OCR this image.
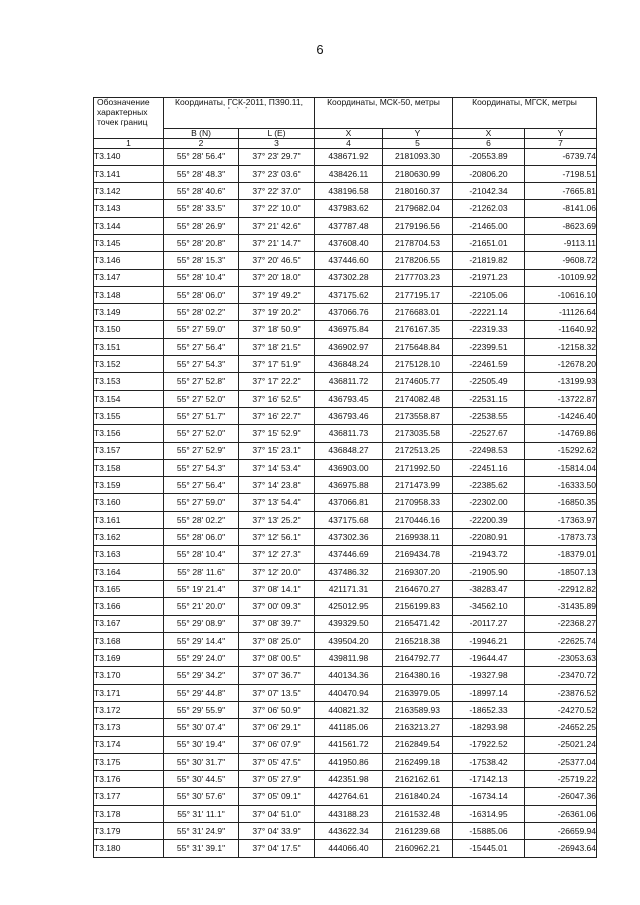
6
Обозначение характерных точек границ	Координаты, ГСК-2011, ПЗ90.11,
° ' "		Координаты, МСК-50, метры		Координаты, МГСК, метры	
	B (N)	L (E)	X	Y	X	Y
1	2	3	4	5	6	7
Т3.140	55° 28' 56.4"	37° 23' 29.7"	438671.92	2181093.30	-20553.89	-6739.74
Т3.141	55° 28' 48.3"	37° 23' 03.6"	438426.11	2180630.99	-20806.20	-7198.51
Т3.142	55° 28' 40.6"	37° 22' 37.0"	438196.58	2180160.37	-21042.34	-7665.81
Т3.143	55° 28' 33.5"	37° 22' 10.0"	437983.62	2179682.04	-21262.03	-8141.06
Т3.144	55° 28' 26.9"	37° 21' 42.6"	437787.48	2179196.56	-21465.00	-8623.69
Т3.145	55° 28' 20.8"	37° 21' 14.7"	437608.40	2178704.53	-21651.01	-9113.11
Т3.146	55° 28' 15.3"	37° 20' 46.5"	437446.60	2178206.55	-21819.82	-9608.72
Т3.147	55° 28' 10.4"	37° 20' 18.0"	437302.28	2177703.23	-21971.23	-10109.92
Т3.148	55° 28' 06.0"	37° 19' 49.2"	437175.62	2177195.17	-22105.06	-10616.10
Т3.149	55° 28' 02.2"	37° 19' 20.2"	437066.76	2176683.01	-22221.14	-11126.64
Т3.150	55° 27' 59.0"	37° 18' 50.9"	436975.84	2176167.35	-22319.33	-11640.92
Т3.151	55° 27' 56.4"	37° 18' 21.5"	436902.97	2175648.84	-22399.51	-12158.32
Т3.152	55° 27' 54.3"	37° 17' 51.9"	436848.24	2175128.10	-22461.59	-12678.20
Т3.153	55° 27' 52.8"	37° 17' 22.2"	436811.72	2174605.77	-22505.49	-13199.93
Т3.154	55° 27' 52.0"	37° 16' 52.5"	436793.45	2174082.48	-22531.15	-13722.87
Т3.155	55° 27' 51.7"	37° 16' 22.7"	436793.46	2173558.87	-22538.55	-14246.40
Т3.156	55° 27' 52.0"	37° 15' 52.9"	436811.73	2173035.58	-22527.67	-14769.86
Т3.157	55° 27' 52.9"	37° 15' 23.1"	436848.27	2172513.25	-22498.53	-15292.62
Т3.158	55° 27' 54.3"	37° 14' 53.4"	436903.00	2171992.50	-22451.16	-15814.04
Т3.159	55° 27' 56.4"	37° 14' 23.8"	436975.88	2171473.99	-22385.62	-16333.50
Т3.160	55° 27' 59.0"	37° 13' 54.4"	437066.81	2170958.33	-22302.00	-16850.35
Т3.161	55° 28' 02.2"	37° 13' 25.2"	437175.68	2170446.16	-22200.39	-17363.97
Т3.162	55° 28' 06.0"	37° 12' 56.1"	437302.36	2169938.11	-22080.91	-17873.73
Т3.163	55° 28' 10.4"	37° 12' 27.3"	437446.69	2169434.78	-21943.72	-18379.01
Т3.164	55° 28' 11.6"	37° 12' 20.0"	437486.32	2169307.20	-21905.90	-18507.13
Т3.165	55° 19' 21.4"	37° 08' 14.1"	421171.31	2164670.27	-38283.47	-22912.82
Т3.166	55° 21' 20.0"	37° 00' 09.3"	425012.95	2156199.83	-34562.10	-31435.89
Т3.167	55° 29' 08.9"	37° 08' 39.7"	439329.50	2165471.42	-20117.27	-22368.27
Т3.168	55° 29' 14.4"	37° 08' 25.0"	439504.20	2165218.38	-19946.21	-22625.74
Т3.169	55° 29' 24.0"	37° 08' 00.5"	439811.98	2164792.77	-19644.47	-23053.63
Т3.170	55° 29' 34.2"	37° 07' 36.7"	440134.36	2164380.16	-19327.98	-23470.72
Т3.171	55° 29' 44.8"	37° 07' 13.5"	440470.94	2163979.05	-18997.14	-23876.52
Т3.172	55° 29' 55.9"	37° 06' 50.9"	440821.32	2163589.93	-18652.33	-24270.52
Т3.173	55° 30' 07.4"	37° 06' 29.1"	441185.06	2163213.27	-18293.98	-24652.25
Т3.174	55° 30' 19.4"	37° 06' 07.9"	441561.72	2162849.54	-17922.52	-25021.24
Т3.175	55° 30' 31.7"	37° 05' 47.5"	441950.86	2162499.18	-17538.42	-25377.04
Т3.176	55° 30' 44.5"	37° 05' 27.9"	442351.98	2162162.61	-17142.13	-25719.22
Т3.177	55° 30' 57.6"	37° 05' 09.1"	442764.61	2161840.24	-16734.14	-26047.36
Т3.178	55° 31' 11.1"	37° 04' 51.0"	443188.23	2161532.48	-16314.95	-26361.06
Т3.179	55° 31' 24.9"	37° 04' 33.9"	443622.34	2161239.68	-15885.06	-26659.94
Т3.180	55° 31' 39.1"	37° 04' 17.5"	444066.40	2160962.21	-15445.01	-26943.64
